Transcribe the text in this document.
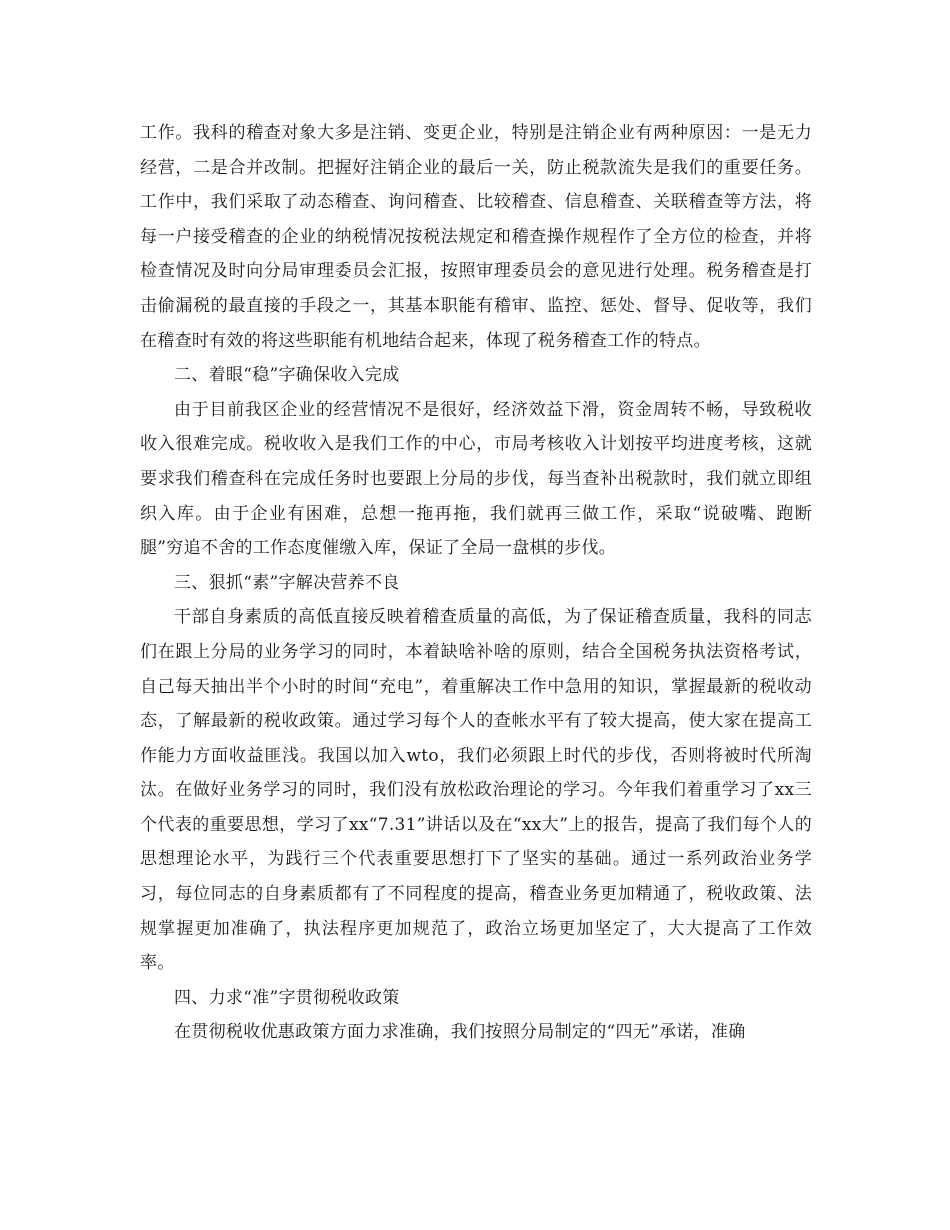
工作。我科的稽查对象大多是注销、变更企业，特别是注销企业有两种原因：一是无力经营，二是合并改制。把握好注销企业的最后一关，防止税款流失是我们的重要任务。工作中，我们采取了动态稽查、询问稽查、比较稽查、信息稽查、关联稽查等方法，将每一户接受稽查的企业的纳税情况按税法规定和稽查操作规程作了全方位的检查，并将检查情况及时向分局审理委员会汇报，按照审理委员会的意见进行处理。税务稽查是打击偷漏税的最直接的手段之一，其基本职能有稽审、监控、惩处、督导、促收等，我们在稽查时有效的将这些职能有机地结合起来，体现了税务稽查工作的特点。

二、着眼“稳”字确保收入完成

由于目前我区企业的经营情况不是很好，经济效益下滑，资金周转不畅，导致税收收入很难完成。税收收入是我们工作的中心，市局考核收入计划按平均进度考核，这就要求我们稽查科在完成任务时也要跟上分局的步伐，每当查补出税款时，我们就立即组织入库。由于企业有困难，总想一拖再拖，我们就再三做工作，采取“说破嘴、跑断腿”穷追不舍的工作态度催缴入库，保证了全局一盘棋的步伐。

三、狠抓“素”字解决营养不良

干部自身素质的高低直接反映着稽查质量的高低，为了保证稽查质量，我科的同志们在跟上分局的业务学习的同时，本着缺啥补啥的原则，结合全国税务执法资格考试，自己每天抽出半个小时的时间“充电”，着重解决工作中急用的知识，掌握最新的税收动态，了解最新的税收政策。通过学习每个人的查帐水平有了较大提高，使大家在提高工作能力方面收益匪浅。我国以加入wto，我们必须跟上时代的步伐，否则将被时代所淘汰。在做好业务学习的同时，我们没有放松政治理论的学习。今年我们着重学习了xx三个代表的重要思想，学习了xx“7.31”讲话以及在“xx大”上的报告，提高了我们每个人的思想理论水平，为践行三个代表重要思想打下了坚实的基础。通过一系列政治业务学习，每位同志的自身素质都有了不同程度的提高，稽查业务更加精通了，税收政策、法规掌握更加准确了，执法程序更加规范了，政治立场更加坚定了，大大提高了工作效率。

四、力求“准”字贯彻税收政策

在贯彻税收优惠政策方面力求准确，我们按照分局制定的“四无”承诺，准确
